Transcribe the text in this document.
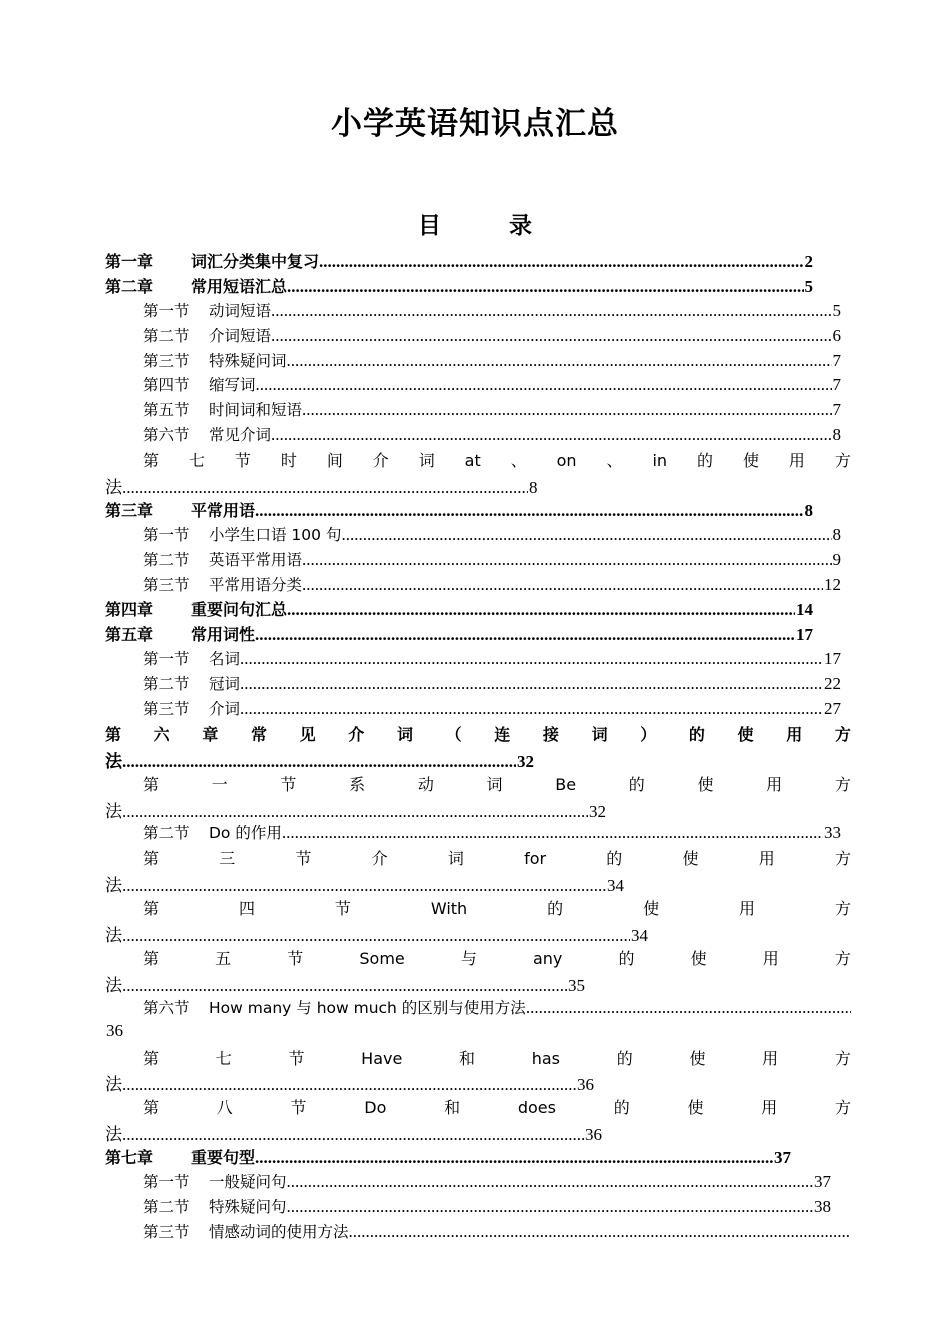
小学英语知识点汇总
目 录
第一章	词汇分类集中复习 .....	2
第二章	常用短语汇总 .....	5
第一节	动词短语 .....	5
第二节	介词短语 .....	6
第三节	特殊疑问词 .....	7
第四节	缩写词 .....	7
第五节	时间词和短语 .....	7
第六节	常见介词 .....	8
第 七 节 时 间 介 词 at 、 on 、 in 的 使 用 方
法 .....	8
第三章	平常用语 .....	8
第一节	小学生口语 100 句 .....	8
第二节	英语平常用语 .....	9
第三节	平常用语分类 .....	12
第四章	重要问句汇总 .....	14
第五章	常用词性 .....	17
第一节	名词 .....	17
第二节	冠词 .....	22
第三节	介词 .....	27
第 六 章 常 见 介 词 （ 连 接 词 ） 的 使 用 方
法 .....	32
第	一	节	系	动	词	Be	的	使	用	方
法 .....	32
第二节	Do 的作用 .....	33
第	三	节	介	词	for	的	使	用	方
法 .....	34
第	四	节	With	的	使	用	方
法 .....	34
第	五	节	Some	与	any	的	使	用	方
法 .....	35
第六节	How many 与 how much 的区别与使用方法
.....
36
第	七	节	Have	和	has	的	使	用	方
法 .....	36
第	八	节	Do	和	does	的	使	用	方
法 .....	36
第七章	重要句型 .....	37
第一节	一般疑问句 .....	37
第二节	特殊疑问句 .....	38
第三节	情感动词的使用方法
.....
